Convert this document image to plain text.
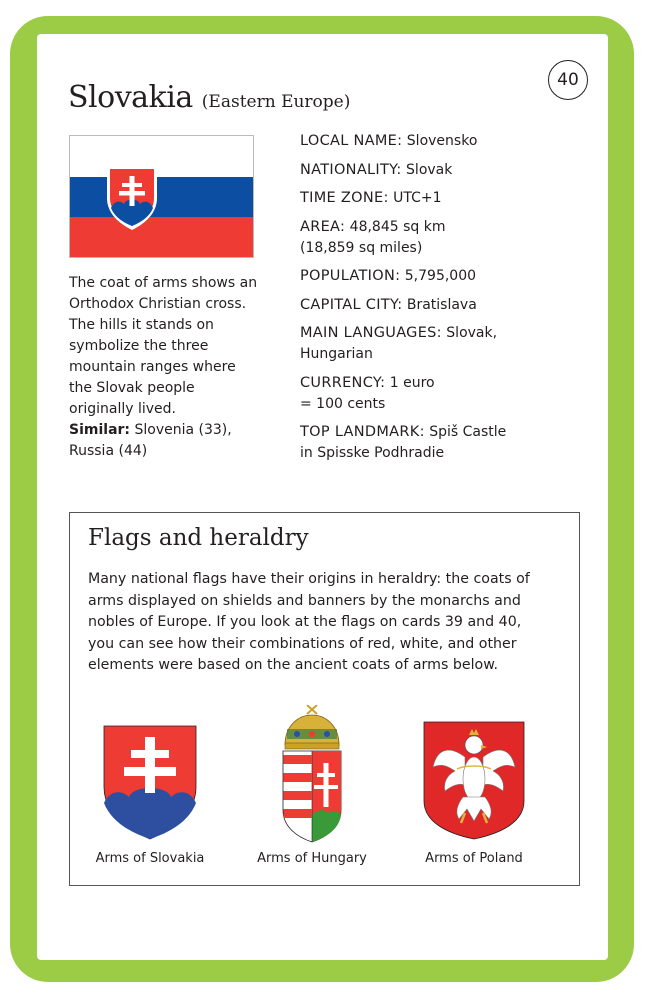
40
Slovakia (Eastern Europe)
The coat of arms shows an Orthodox Christian cross. The hills it stands on symbolize the three mountain ranges where the Slovak people originally lived.
Similar: Slovenia (33), Russia (44)
LOCAL NAME: Slovensko
NATIONALITY: Slovak
TIME ZONE: UTC+1
AREA: 48,845 sq km
(18,859 sq miles)
POPULATION: 5,795,000
CAPITAL CITY: Bratislava
MAIN LANGUAGES: Slovak,
Hungarian
CURRENCY: 1 euro
= 100 cents
TOP LANDMARK: Spiš Castle
in Spisske Podhradie
Flags and heraldry

Many national flags have their origins in heraldry: the coats of arms displayed on shields and banners by the monarchs and nobles of Europe. If you look at the flags on cards 39 and 40, you can see how their combinations of red, white, and other elements were based on the ancient coats of arms below.

Arms of Slovakia	Arms of Hungary	Arms of Poland
